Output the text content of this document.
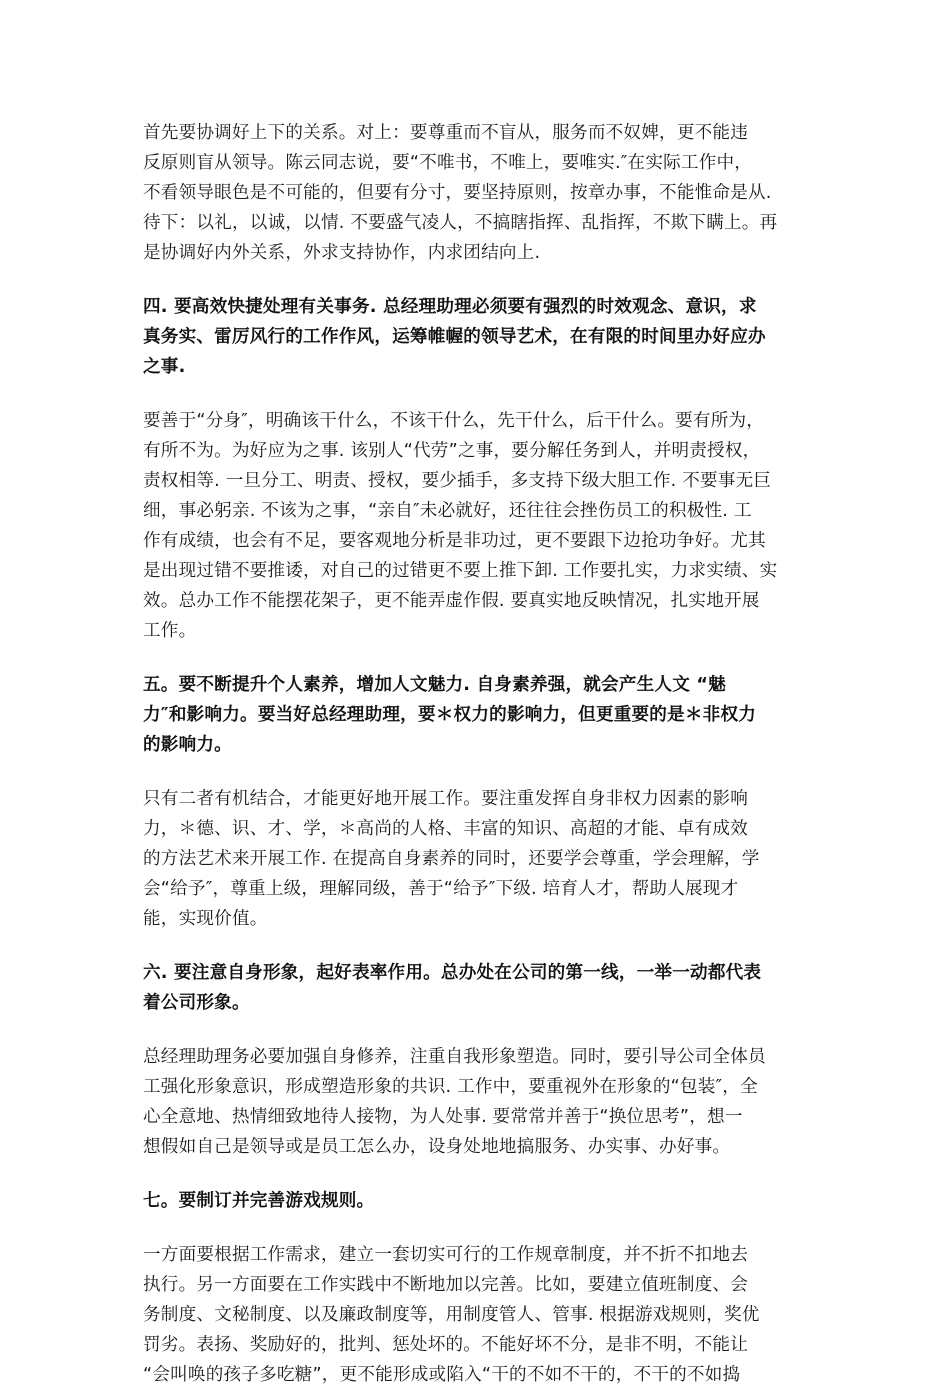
首先要协调好上下的关系。对上：要尊重而不盲从，服务而不奴婢，更不能违
反原则盲从领导。陈云同志说，要“不唯书，不唯上，要唯实.″在实际工作中，
不看领导眼色是不可能的，但要有分寸，要坚持原则，按章办事，不能惟命是从.
待下：以礼，以诚，以情. 不要盛气凌人，不搞瞎指挥、乱指挥，不欺下瞒上。再
是协调好内外关系，外求支持协作，内求团结向上.
四. 要高效快捷处理有关事务. 总经理助理必须要有强烈的时效观念、意识，求
真务实、雷厉风行的工作作风，运筹帷幄的领导艺术，在有限的时间里办好应办
之事.
要善于“分身″，明确该干什么，不该干什么，先干什么，后干什么。要有所为，
有所不为。为好应为之事. 该别人“代劳”之事，要分解任务到人，并明责授权，
责权相等. 一旦分工、明责、授权，要少插手，多支持下级大胆工作. 不要事无巨
细，事必躬亲. 不该为之事，“亲自″未必就好，还往往会挫伤员工的积极性. 工
作有成绩，也会有不足，要客观地分析是非功过，更不要跟下边抢功争好。尤其
是出现过错不要推诿，对自己的过错更不要上推下卸. 工作要扎实，力求实绩、实
效。总办工作不能摆花架子，更不能弄虚作假. 要真实地反映情况，扎实地开展
工作。
五。要不断提升个人素养，增加人文魅力. 自身素养强，就会产生人文 “魅
力″和影响力。要当好总经理助理，要＊权力的影响力，但更重要的是＊非权力
的影响力。
只有二者有机结合，才能更好地开展工作。要注重发挥自身非权力因素的影响
力，＊德、识、才、学，＊高尚的人格、丰富的知识、高超的才能、卓有成效
的方法艺术来开展工作. 在提高自身素养的同时，还要学会尊重，学会理解，学
会“给予″，尊重上级，理解同级，善于“给予″下级. 培育人才，帮助人展现才
能，实现价值。
六. 要注意自身形象，起好表率作用。总办处在公司的第一线，一举一动都代表
着公司形象。
总经理助理务必要加强自身修养，注重自我形象塑造。同时，要引导公司全体员
工强化形象意识，形成塑造形象的共识. 工作中，要重视外在形象的“包装″，全
心全意地、热情细致地待人接物，为人处事. 要常常并善于“换位思考”，想一
想假如自己是领导或是员工怎么办，设身处地地搞服务、办实事、办好事。
七。要制订并完善游戏规则。
一方面要根据工作需求，建立一套切实可行的工作规章制度，并不折不扣地去
执行。另一方面要在工作实践中不断地加以完善。比如，要建立值班制度、会
务制度、文秘制度、以及廉政制度等，用制度管人、管事. 根据游戏规则，奖优
罚劣。表扬、奖励好的，批判、惩处坏的。不能好坏不分，是非不明，不能让
“会叫唤的孩子多吃糖”，更不能形成或陷入“干的不如不干的，不干的不如捣
